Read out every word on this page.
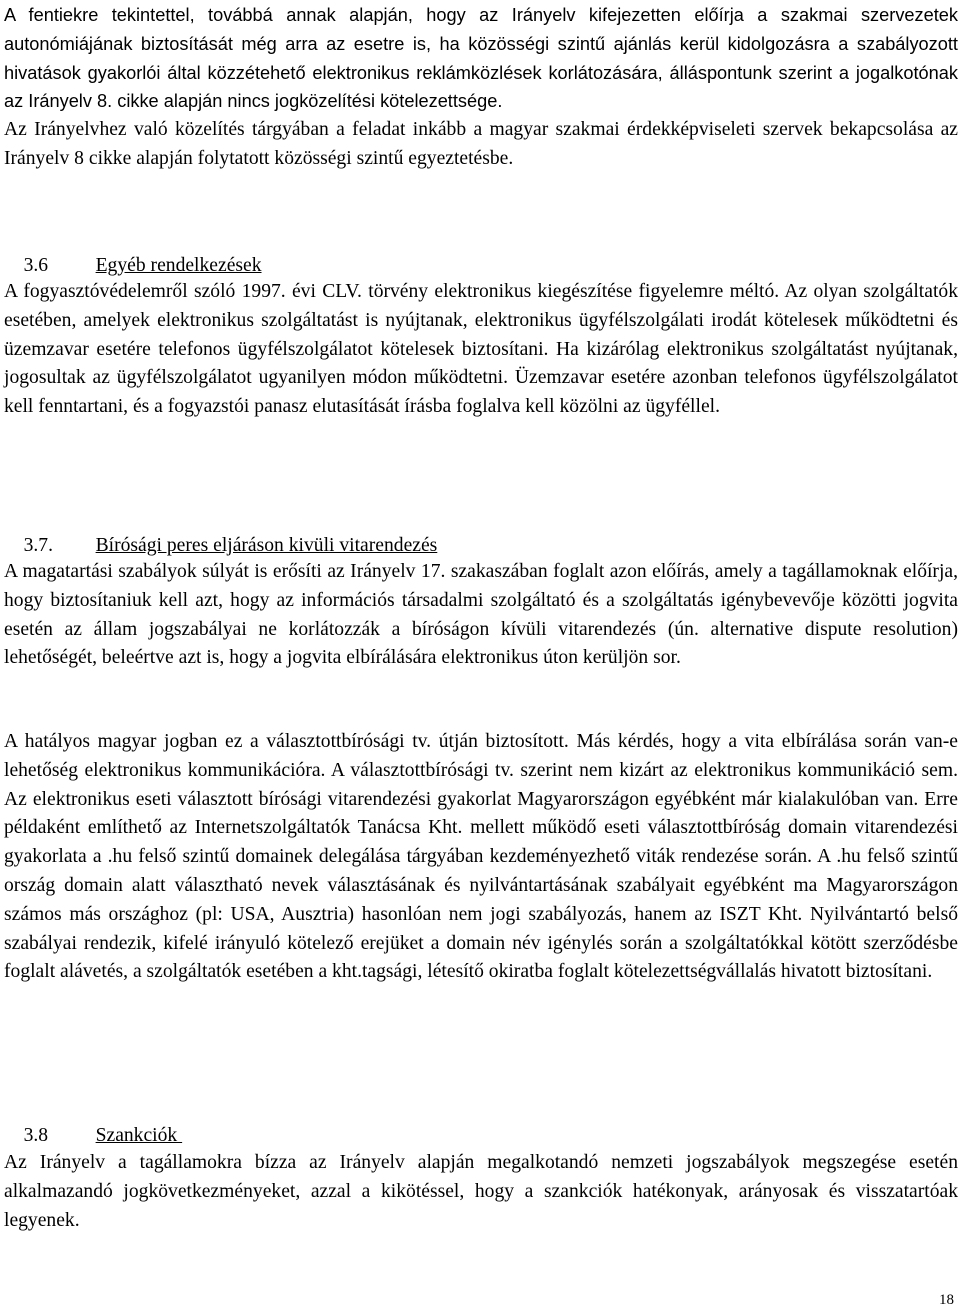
A fentiekre tekintettel, továbbá annak alapján, hogy az Irányelv kifejezetten előírja a szakmai szervezetek autonómiájának biztosítását még arra az esetre is, ha közösségi szintű ajánlás kerül kidolgozásra a szabályozott hivatások gyakorlói által közzétehető elektronikus reklámközlések korlátozására, álláspontunk szerint a jogalkotónak az Irányelv 8. cikke alapján nincs jogközelítési kötelezettsége.

Az Irányelvhez való közelítés tárgyában a feladat inkább a magyar szakmai érdekképviseleti szervek bekapcsolása az Irányelv 8 cikke alapján folytatott közösségi szintű egyeztetésbe.

3.6 Egyéb rendelkezések

A fogyasztóvédelemről szóló 1997. évi CLV. törvény elektronikus kiegészítése figyelemre méltó. Az olyan szolgáltatók esetében, amelyek elektronikus szolgáltatást is nyújtanak, elektronikus ügyfélszolgálati irodát kötelesek működtetni és üzemzavar esetére telefonos ügyfélszolgálatot kötelesek biztosítani. Ha kizárólag elektronikus szolgáltatást nyújtanak, jogosultak az ügyfélszolgálatot ugyanilyen módon működtetni. Üzemzavar esetére azonban telefonos ügyfélszolgálatot kell fenntartani, és a fogyazstói panasz elutasítását írásba foglalva kell közölni az ügyféllel.

3.7. Bírósági peres eljáráson kivüli vitarendezés

A magatartási szabályok súlyát is erősíti az Irányelv 17. szakaszában foglalt azon előírás, amely a tagállamoknak előírja, hogy biztosítaniuk kell azt, hogy az információs társadalmi szolgáltató és a szolgáltatás igénybevevője közötti jogvita esetén az állam jogszabályai ne korlátozzák a bíróságon kívüli vitarendezés (ún. alternative dispute resolution) lehetőségét, beleértve azt is, hogy a jogvita elbírálására elektronikus úton kerüljön sor.

A hatályos magyar jogban ez a választottbírósági tv. útján biztosított. Más kérdés, hogy a vita elbírálása során van-e lehetőség elektronikus kommunikációra. A választottbírósági tv. szerint nem kizárt az elektronikus kommunikáció sem. Az elektronikus eseti választott bírósági vitarendezési gyakorlat Magyarországon egyébként már kialakulóban van. Erre példaként említhető az Internetszolgáltatók Tanácsa Kht. mellett működő eseti választottbíróság domain vitarendezési gyakorlata a .hu felső szintű domainek delegálása tárgyában kezdeményezhető viták rendezése során. A .hu felső szintű ország domain alatt választható nevek választásának és nyilvántartásának szabályait egyébként ma Magyarországon számos más országhoz (pl: USA, Ausztria) hasonlóan nem jogi szabályozás, hanem az ISZT Kht. Nyilvántartó belső szabályai rendezik, kifelé irányuló kötelező erejüket a domain név igénylés során a szolgáltatókkal kötött szerződésbe foglalt alávetés, a szolgáltatók esetében a kht.tagsági, létesítő okiratba foglalt kötelezettségvállalás hivatott biztosítani.

3.8 Szankciók

Az Irányelv a tagállamokra bízza az Irányelv alapján megalkotandó nemzeti jogszabályok megszegése esetén alkalmazandó jogkövetkezményeket, azzal a kikötéssel, hogy a szankciók hatékonyak, arányosak és visszatartóak legyenek.

18
